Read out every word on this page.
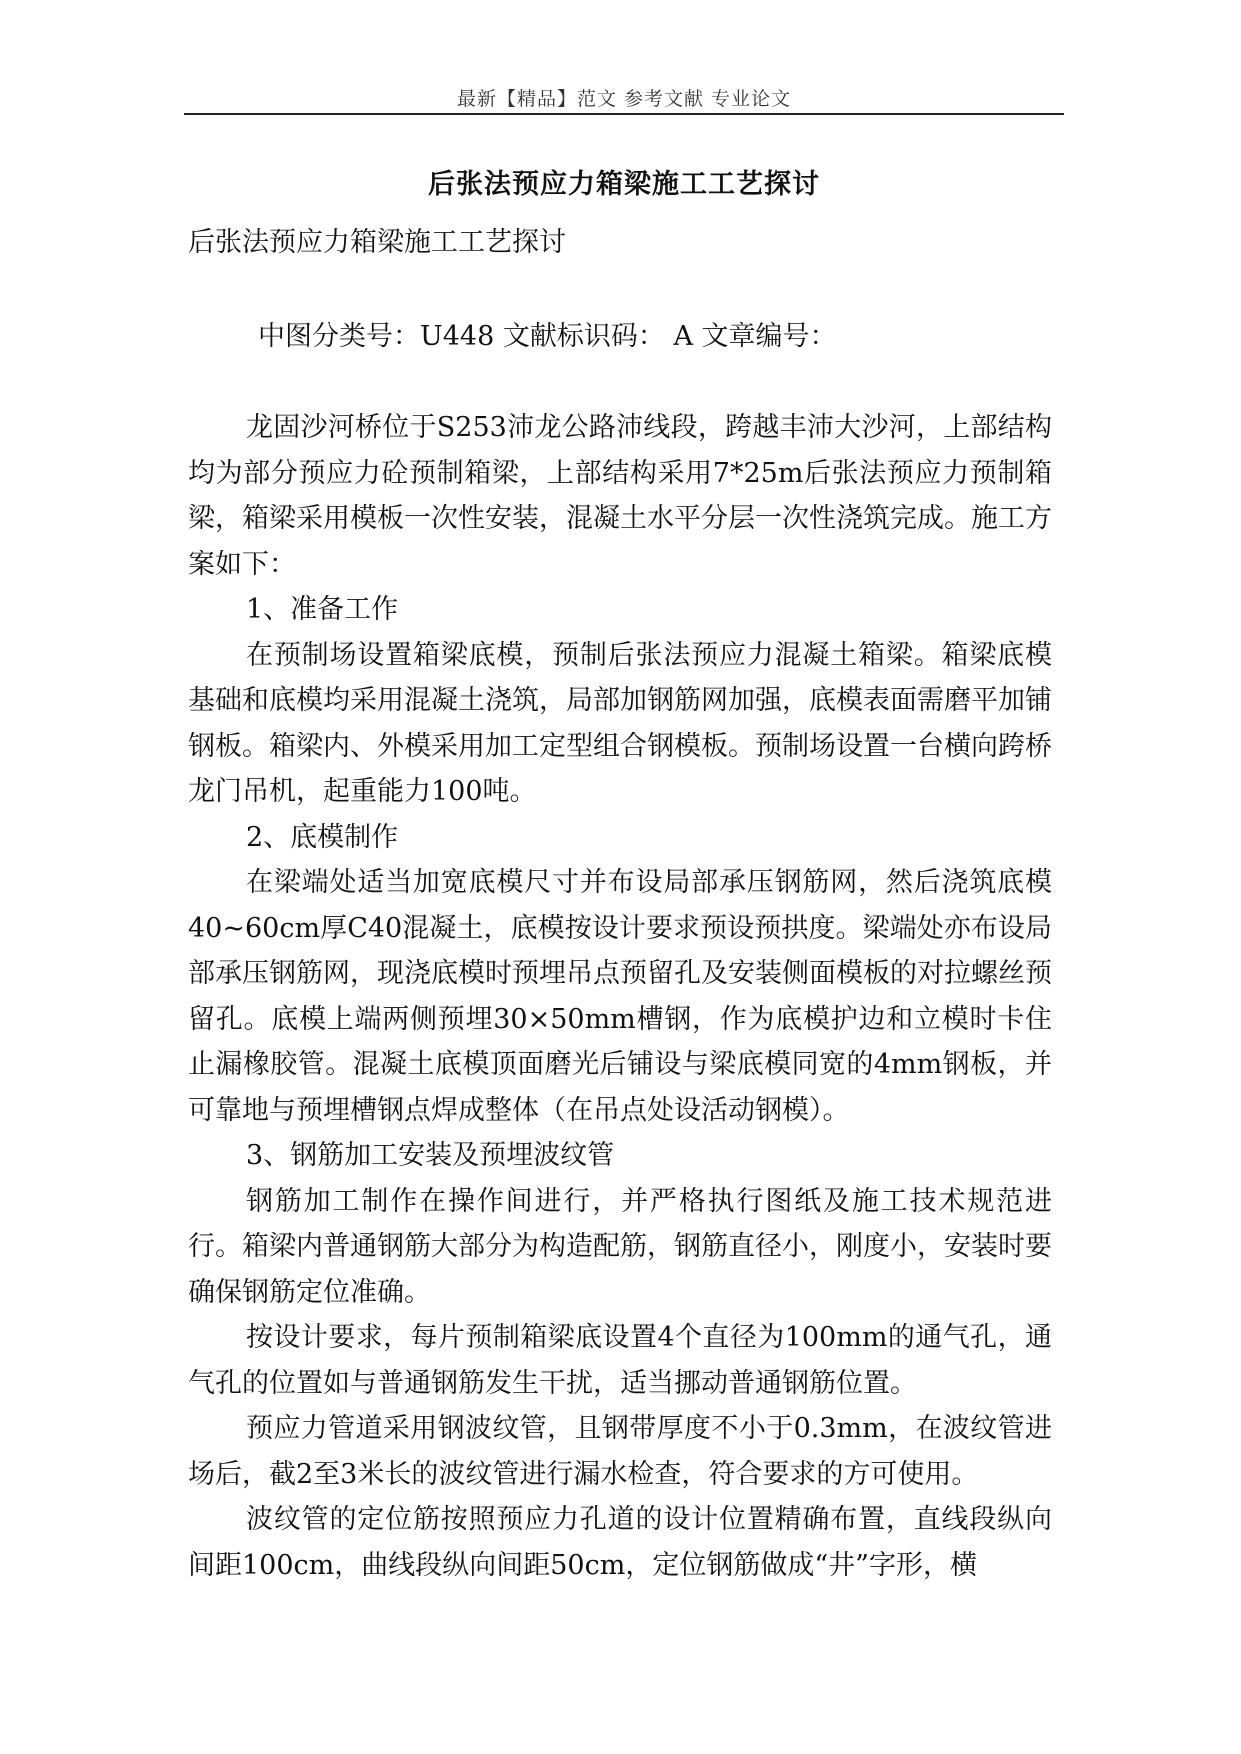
最新【精品】范文 参考文献 专业论文
后张法预应力箱梁施工工艺探讨
后张法预应力箱梁施工工艺探讨
中图分类号：U448 文献标识码： A 文章编号：

龙固沙河桥位于S253沛龙公路沛线段，跨越丰沛大沙河，上部结构均为部分预应力砼预制箱梁，上部结构采用7*25m后张法预应力预制箱梁，箱梁采用模板一次性安装，混凝土水平分层一次性浇筑完成。施工方案如下：

1、准备工作

在预制场设置箱梁底模，预制后张法预应力混凝土箱梁。箱梁底模基础和底模均采用混凝土浇筑，局部加钢筋网加强，底模表面需磨平加铺钢板。箱梁内、外模采用加工定型组合钢模板。预制场设置一台横向跨桥龙门吊机，起重能力100吨。

2、底模制作

在梁端处适当加宽底模尺寸并布设局部承压钢筋网，然后浇筑底模40~60cm厚C40混凝土，底模按设计要求预设预拱度。梁端处亦布设局部承压钢筋网，现浇底模时预埋吊点预留孔及安装侧面模板的对拉螺丝预留孔。底模上端两侧预埋30×50mm槽钢，作为底模护边和立模时卡住止漏橡胶管。混凝土底模顶面磨光后铺设与梁底模同宽的4mm钢板，并可靠地与预埋槽钢点焊成整体（在吊点处设活动钢模）。

3、钢筋加工安装及预埋波纹管

钢筋加工制作在操作间进行，并严格执行图纸及施工技术规范进行。箱梁内普通钢筋大部分为构造配筋，钢筋直径小，刚度小，安装时要确保钢筋定位准确。

按设计要求，每片预制箱梁底设置4个直径为100mm的通气孔，通气孔的位置如与普通钢筋发生干扰，适当挪动普通钢筋位置。

预应力管道采用钢波纹管，且钢带厚度不小于0.3mm，在波纹管进场后，截2至3米长的波纹管进行漏水检查，符合要求的方可使用。

波纹管的定位筋按照预应力孔道的设计位置精确布置，直线段纵向间距100cm，曲线段纵向间距50cm，定位钢筋做成“井”字形，横
